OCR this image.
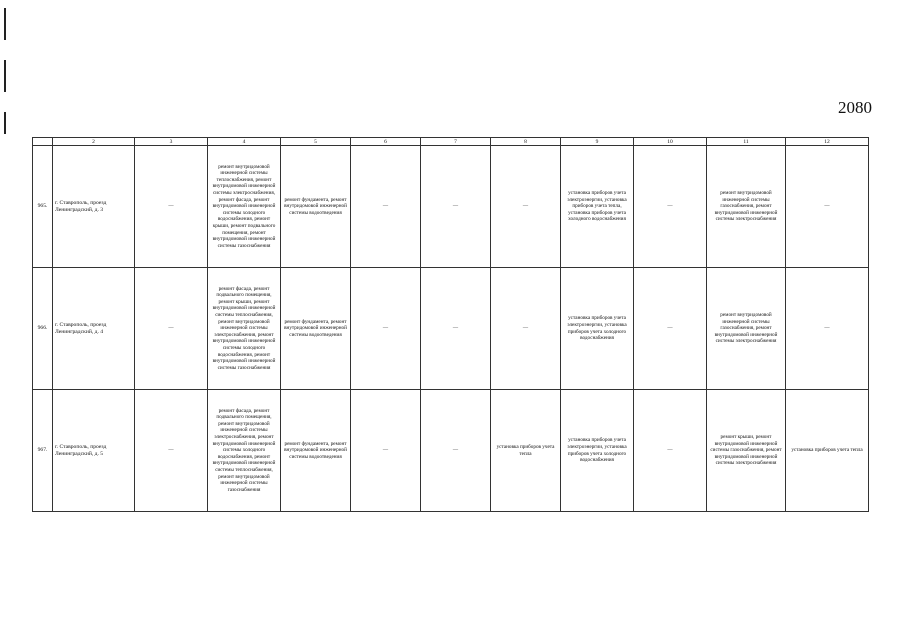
2080
	2	3	4	5	6	7	8	9	10	11	12
965.	г. Ставрополь, проезд Ленинградский, д. 3	—	ремонт внутридомовой инженерной системы теплоснабжения, ремонт внутридомовой инженерной системы электроснабжения, ремонт фасада, ремонт внутридомовой инженерной системы холодного водоснабжения, ремонт крыши, ремонт подвального помещения, ремонт внутридомовой инженерной системы газоснабжения	ремонт фундамента, ремонт внутридомовой инженерной системы водоотведения	—	—	—	установка приборов учета электроэнергии, установка приборов учета тепла, установка приборов учета холодного водоснабжения	—	ремонт внутридомовой инженерной системы газоснабжения, ремонт внутридомовой инженерной системы электроснабжения	—
966.	г. Ставрополь, проезд Ленинградский, д. 4	—	ремонт фасада, ремонт подвального помещения, ремонт крыши, ремонт внутридомовой инженерной системы теплоснабжения, ремонт внутридомовой инженерной системы электроснабжения, ремонт внутридомовой инженерной системы холодного водоснабжения, ремонт внутридомовой инженерной системы газоснабжения	ремонт фундамента, ремонт внутридомовой инженерной системы водоотведения	—	—	—	установка приборов учета электроэнергии, установка приборов учета холодного водоснабжения	—	ремонт внутридомовой инженерной системы газоснабжения, ремонт внутридомовой инженерной системы электроснабжения	—
967.	г. Ставрополь, проезд Ленинградский, д. 5	—	ремонт фасада, ремонт подвального помещения, ремонт внутридомовой инженерной системы электроснабжения, ремонт внутридомовой инженерной системы холодного водоснабжения, ремонт внутридомовой инженерной системы теплоснабжения, ремонт внутридомовой инженерной системы газоснабжения	ремонт фундамента, ремонт внутридомовой инженерной системы водоотведения	—	—	установка приборов учета тепла	установка приборов учета электроэнергии, установка приборов учета холодного водоснабжения	—	ремонт крыши, ремонт внутридомовой инженерной системы газоснабжения, ремонт внутридомовой инженерной системы электроснабжения	установка приборов учета тепла
